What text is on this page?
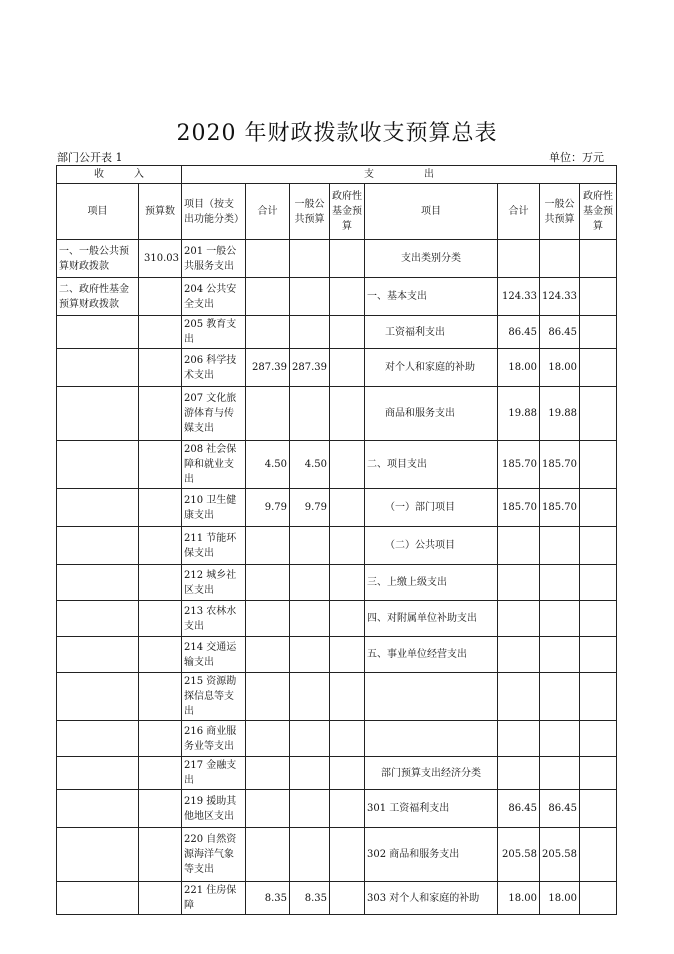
2020 年财政拨款收支预算总表
部门公开表 1	单位：万元
收　　　入		支　　　　　出							
项目	预算数	项目（按支出功能分类）	合计	一般公共预算	政府性基金预算	项目	合计	一般公共预算	政府性基金预算
一、一般公共预算财政拨款	310.03	201 一般公共服务支出				支出类别分类			
二、政府性基金预算财政拨款		204 公共安全支出				一、基本支出	124.33	124.33	
		205 教育支出				工资福利支出	86.45	86.45	
		206 科学技术支出	287.39	287.39		对个人和家庭的补助	18.00	18.00	
		207 文化旅游体育与传媒支出				商品和服务支出	19.88	19.88	
		208 社会保障和就业支出	4.50	4.50		二、项目支出	185.70	185.70	
		210 卫生健康支出	9.79	9.79		（一）部门项目	185.70	185.70	
		211 节能环保支出				（二）公共项目			
		212 城乡社区支出				三、上缴上级支出			
		213 农林水支出				四、对附属单位补助支出			
		214 交通运输支出				五、事业单位经营支出			
		215 资源勘探信息等支出							
		216 商业服务业等支出							
		217 金融支出				部门预算支出经济分类			
		219 援助其他地区支出				301 工资福利支出	86.45	86.45	
		220 自然资源海洋气象等支出				302 商品和服务支出	205.58	205.58	
		221 住房保障	8.35	8.35		303 对个人和家庭的补助	18.00	18.00	
